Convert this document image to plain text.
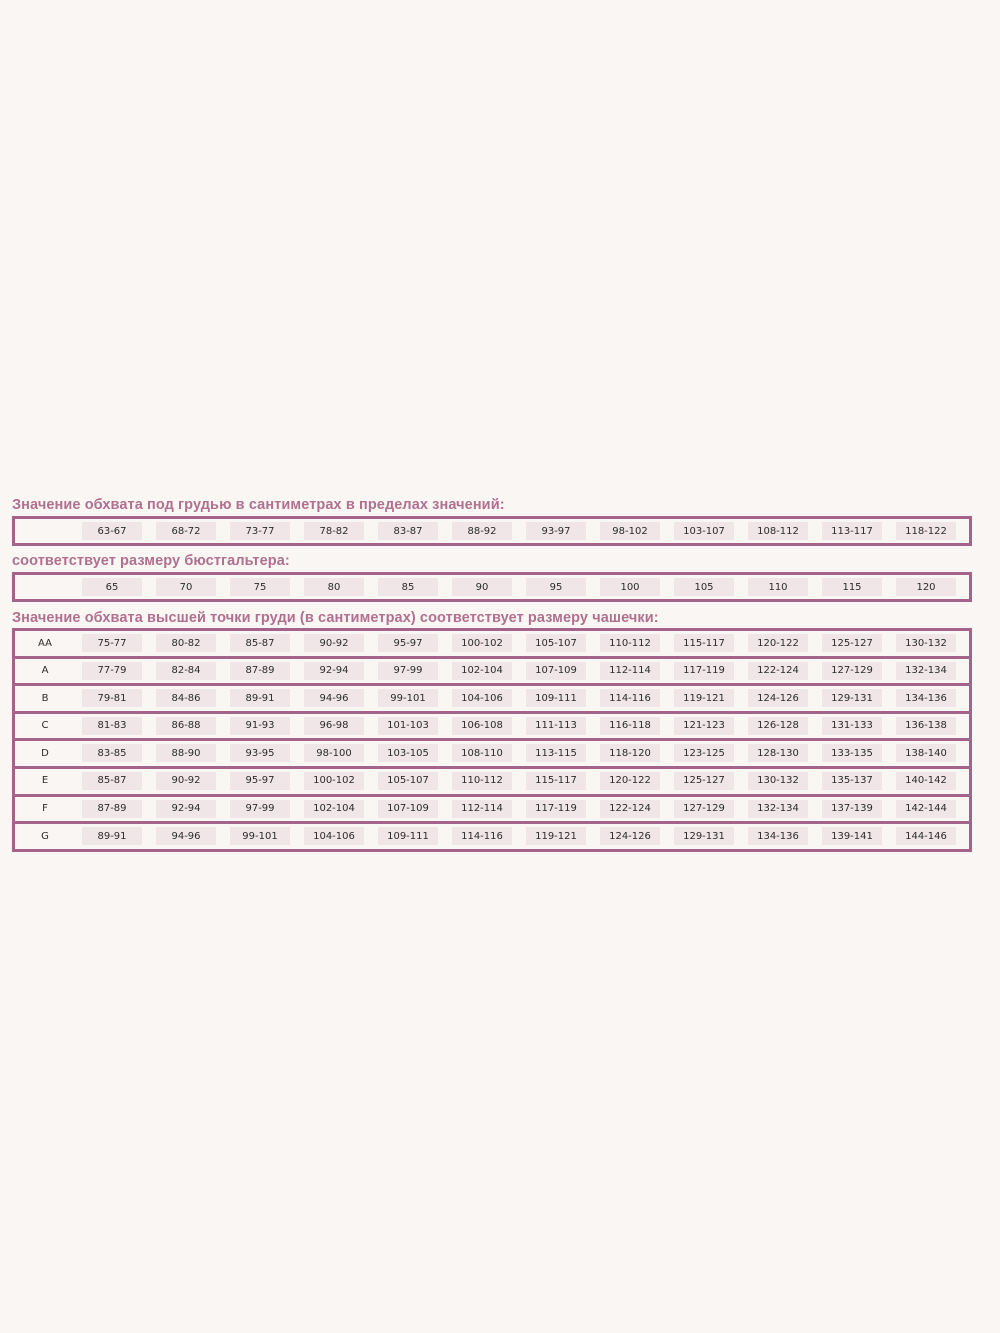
Значение обхвата под грудью в сантиметрах в пределах значений:
63-67	68-72	73-77	78-82	83-87	88-92	93-97	98-102	103-107	108-112	113-117	118-122
соответствует размеру бюстгальтера:
65	70	75	80	85	90	95	100	105	110	115	120
Значение обхвата высшей точки груди (в сантиметрах) соответствует размеру чашечки:
AA	75-77	80-82	85-87	90-92	95-97	100-102	105-107	110-112	115-117	120-122	125-127	130-132
A	77-79	82-84	87-89	92-94	97-99	102-104	107-109	112-114	117-119	122-124	127-129	132-134
B	79-81	84-86	89-91	94-96	99-101	104-106	109-111	114-116	119-121	124-126	129-131	134-136
C	81-83	86-88	91-93	96-98	101-103	106-108	111-113	116-118	121-123	126-128	131-133	136-138
D	83-85	88-90	93-95	98-100	103-105	108-110	113-115	118-120	123-125	128-130	133-135	138-140
E	85-87	90-92	95-97	100-102	105-107	110-112	115-117	120-122	125-127	130-132	135-137	140-142
F	87-89	92-94	97-99	102-104	107-109	112-114	117-119	122-124	127-129	132-134	137-139	142-144
G	89-91	94-96	99-101	104-106	109-111	114-116	119-121	124-126	129-131	134-136	139-141	144-146
